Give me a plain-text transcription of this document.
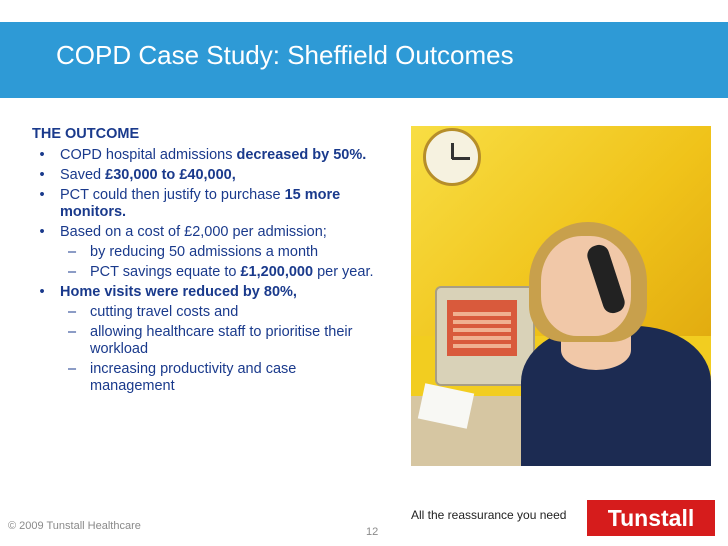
COPD Case Study: Sheffield Outcomes
THE OUTCOME
•	COPD hospital admissions decreased by 50%.
•	Saved £30,000 to £40,000,
•	PCT could then justify to purchase 15 more monitors.
•	Based on a cost of £2,000 per admission;
– by reducing 50 admissions a month
– PCT savings equate to £1,200,000 per year.
•	Home visits were reduced by 80%,
– cutting travel costs and
– allowing healthcare staff to prioritise their workload
– increasing productivity and case management
All the reassurance you need	Tunstall
© 2009 Tunstall Healthcare	12
